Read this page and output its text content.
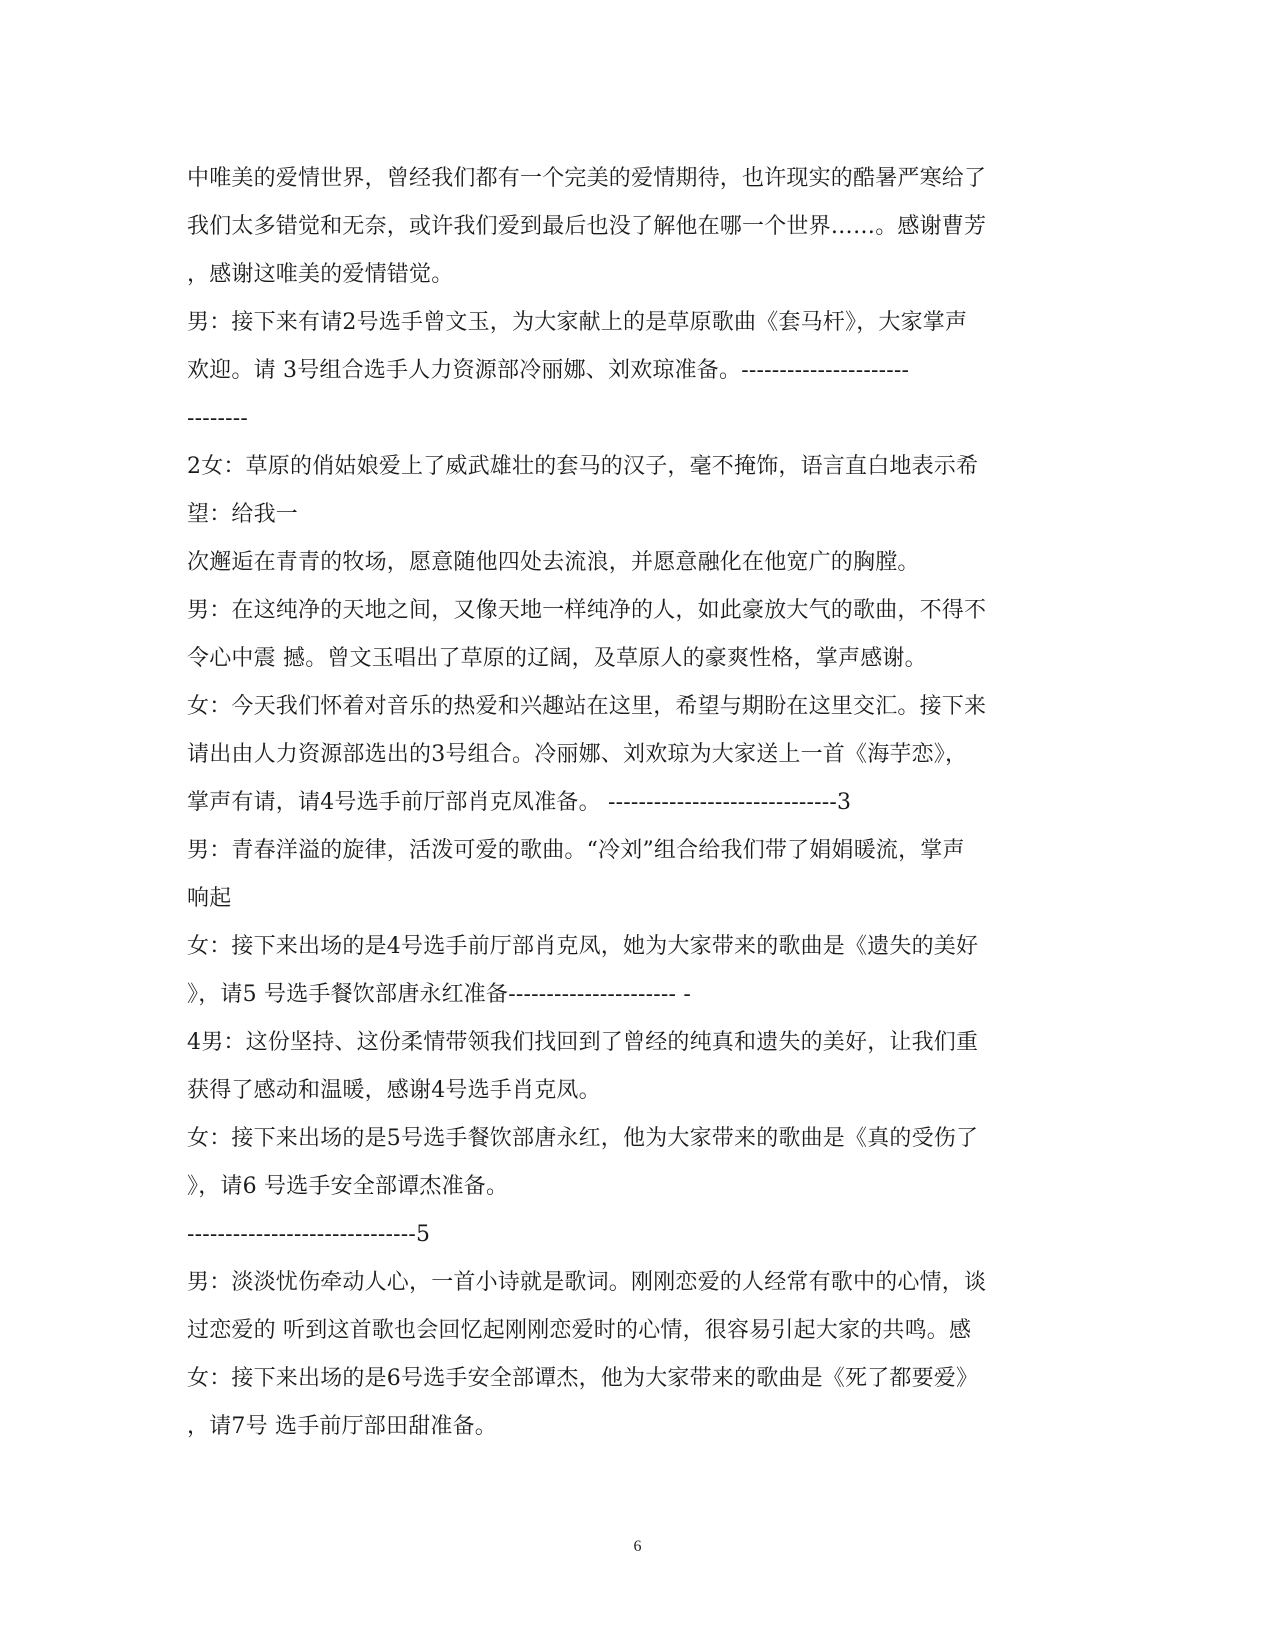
中唯美的爱情世界，曾经我们都有一个完美的爱情期待，也许现实的酷暑严寒给了
我们太多错觉和无奈，或许我们爱到最后也没了解他在哪一个世界……。感谢曹芳
，感谢这唯美的爱情错觉。
男：接下来有请2号选手曾文玉，为大家献上的是草原歌曲《套马杆》，大家掌声
欢迎。请 3号组合选手人力资源部冷丽娜、刘欢琼准备。----------------------
--------
2女：草原的俏姑娘爱上了威武雄壮的套马的汉子，毫不掩饰，语言直白地表示希
望：给我一
次邂逅在青青的牧场，愿意随他四处去流浪，并愿意融化在他宽广的胸膛。
男：在这纯净的天地之间，又像天地一样纯净的人，如此豪放大气的歌曲，不得不
令心中震 撼。曾文玉唱出了草原的辽阔，及草原人的豪爽性格，掌声感谢。
女：今天我们怀着对音乐的热爱和兴趣站在这里，希望与期盼在这里交汇。接下来
请出由人力资源部选出的3号组合。冷丽娜、刘欢琼为大家送上一首《海芋恋》，
掌声有请，请4号选手前厅部肖克凤准备。 ------------------------------3
男：青春洋溢的旋律，活泼可爱的歌曲。“冷刘”组合给我们带了娟娟暖流，掌声
响起
女：接下来出场的是4号选手前厅部肖克凤，她为大家带来的歌曲是《遗失的美好
》，请5 号选手餐饮部唐永红准备---------------------- -
4男：这份坚持、这份柔情带领我们找回到了曾经的纯真和遗失的美好，让我们重
获得了感动和温暖，感谢4号选手肖克凤。
女：接下来出场的是5号选手餐饮部唐永红，他为大家带来的歌曲是《真的受伤了
》，请6 号选手安全部谭杰准备。
------------------------------5
男：淡淡忧伤牵动人心，一首小诗就是歌词。刚刚恋爱的人经常有歌中的心情，谈
过恋爱的 听到这首歌也会回忆起刚刚恋爱时的心情，很容易引起大家的共鸣。感
女：接下来出场的是6号选手安全部谭杰，他为大家带来的歌曲是《死了都要爱》
，请7号 选手前厅部田甜准备。
6
